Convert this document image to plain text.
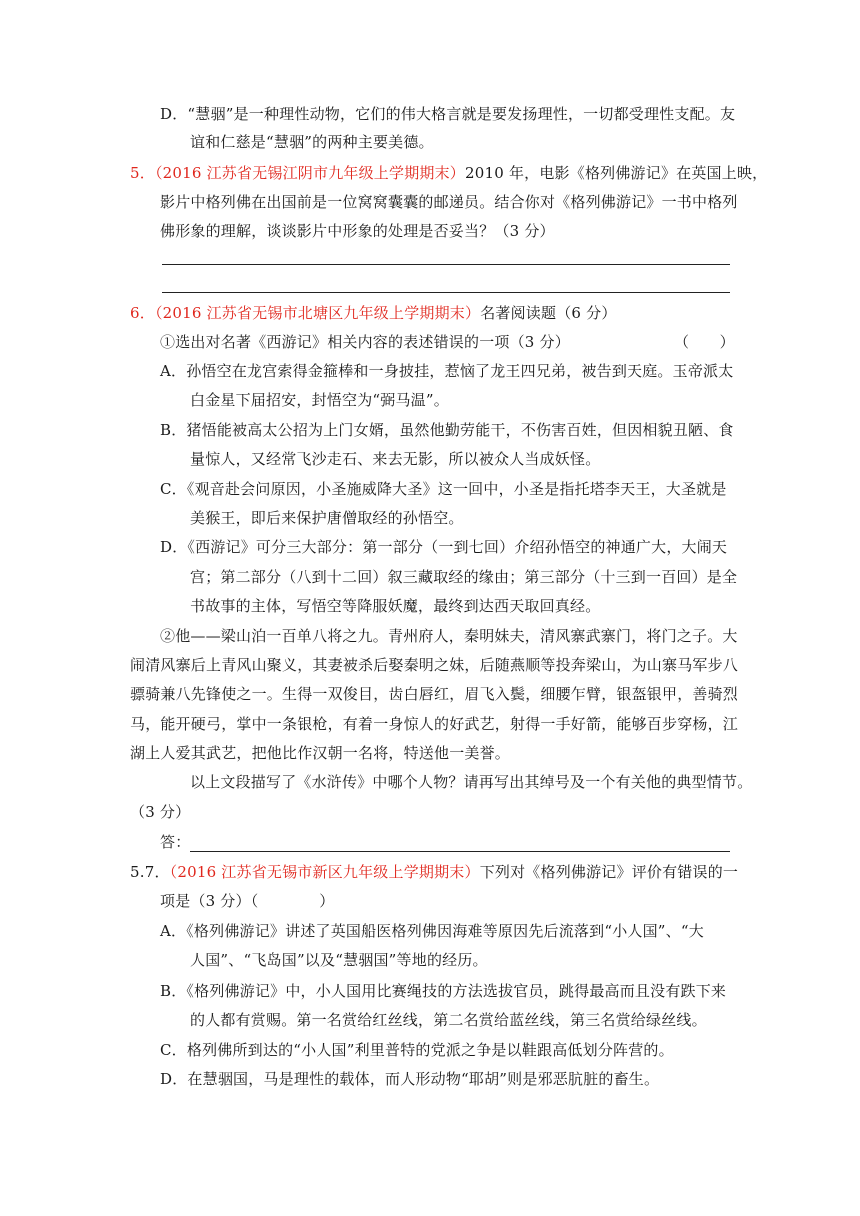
D．“慧骃”是一种理性动物，它们的伟大格言就是要发扬理性，一切都受理性支配。友
谊和仁慈是“慧骃”的两种主要美德。
5．（2016 江苏省无锡江阴市九年级上学期期末）2010 年，电影《格列佛游记》在英国上映，
影片中格列佛在出国前是一位窝窝囊囊的邮递员。结合你对《格列佛游记》一书中格列
佛形象的理解，谈谈影片中形象的处理是否妥当？（3 分）
6．（2016 江苏省无锡市北塘区九年级上学期期末）名著阅读题（6 分）
①选出对名著《西游记》相关内容的表述错误的一项（3 分）	（　　）
A．孙悟空在龙宫索得金箍棒和一身披挂，惹恼了龙王四兄弟，被告到天庭。玉帝派太
白金星下届招安，封悟空为“弼马温”。
B．猪悟能被高太公招为上门女婿，虽然他勤劳能干，不伤害百姓，但因相貌丑陋、食
量惊人，又经常飞沙走石、来去无影，所以被众人当成妖怪。
C．《观音赴会问原因，小圣施威降大圣》这一回中，小圣是指托塔李天王，大圣就是
美猴王，即后来保护唐僧取经的孙悟空。
D．《西游记》可分三大部分：第一部分（一到七回）介绍孙悟空的神通广大，大闹天
宫；第二部分（八到十二回）叙三藏取经的缘由；第三部分（十三到一百回）是全
书故事的主体，写悟空等降服妖魔，最终到达西天取回真经。
②他——梁山泊一百单八将之九。青州府人，秦明妹夫，清风寨武寨门，将门之子。大
闹清风寨后上青风山聚义，其妻被杀后娶秦明之妹，后随燕顺等投奔梁山，为山寨马军步八
骠骑兼八先锋使之一。生得一双俊目，齿白唇红，眉飞入鬓，细腰乍臂，银盔银甲，善骑烈
马，能开硬弓，掌中一条银枪，有着一身惊人的好武艺，射得一手好箭，能够百步穿杨，江
湖上人爱其武艺，把他比作汉朝一名将，特送他一美誉。
以上文段描写了《水浒传》中哪个人物？请再写出其绰号及一个有关他的典型情节。
（3 分）
答：
5.7．（2016 江苏省无锡市新区九年级上学期期末）下列对《格列佛游记》评价有错误的一
项是（3 分）（　　　　）
A．《格列佛游记》讲述了英国船医格列佛因海难等原因先后流落到“小人国”、“大
人国”、“飞岛国”以及“慧骃国”等地的经历。
B．《格列佛游记》中，小人国用比赛绳技的方法选拔官员，跳得最高而且没有跌下来
的人都有赏赐。第一名赏给红丝线，第二名赏给蓝丝线，第三名赏给绿丝线。
C．格列佛所到达的“小人国”利里普特的党派之争是以鞋跟高低划分阵营的。
D．在慧骃国，马是理性的载体，而人形动物“耶胡”则是邪恶肮脏的畜生。
